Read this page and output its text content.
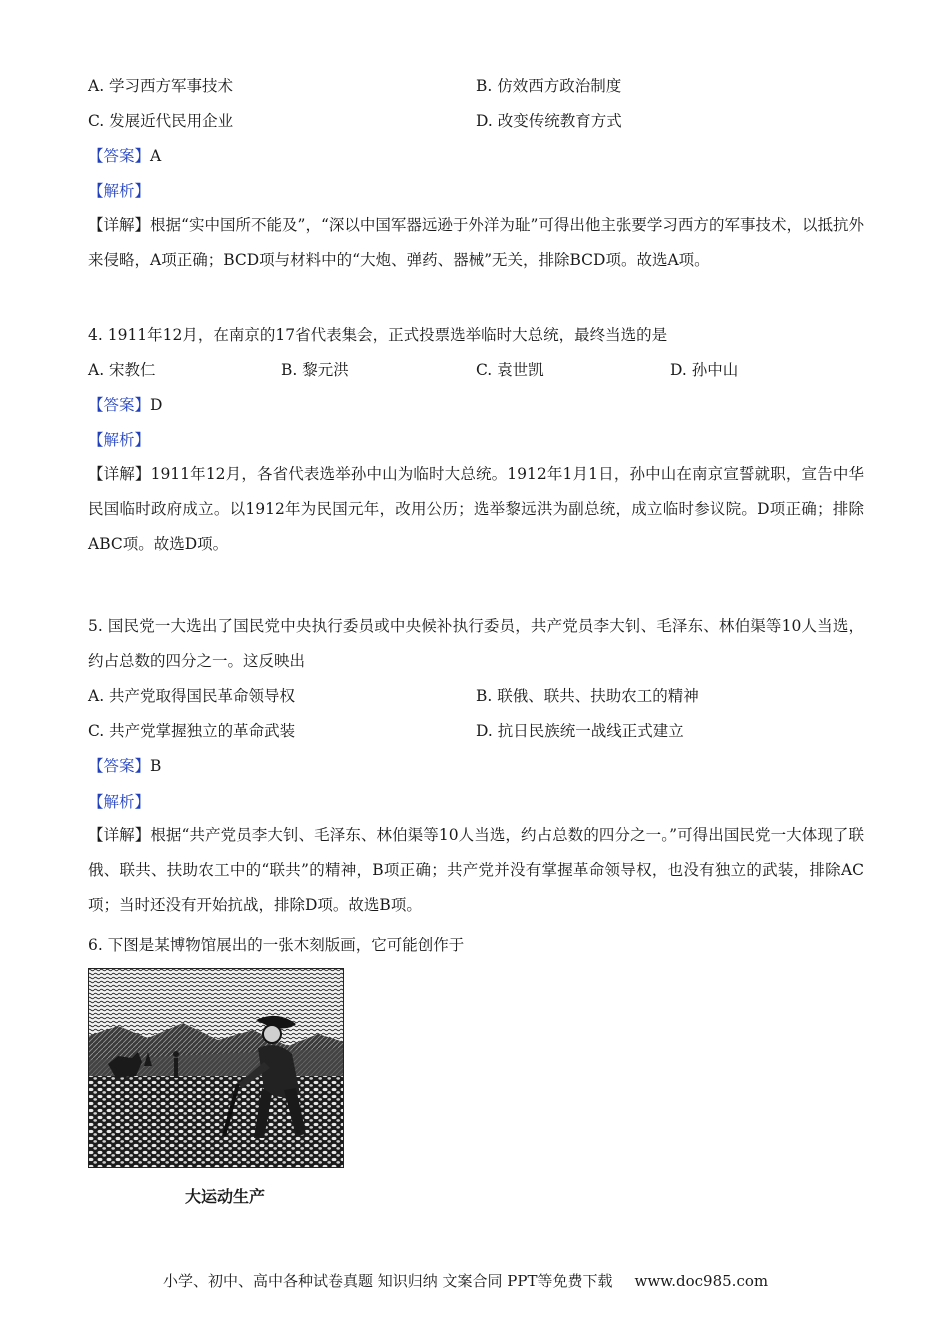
A. 学习西方军事技术	B. 仿效西方政治制度
C. 发展近代民用企业	D. 改变传统教育方式
【答案】A
【解析】
【详解】根据“实中国所不能及”，“深以中国军器远逊于外洋为耻”可得出他主张要学习西方的军事技术，以抵抗外来侵略，A项正确；BCD项与材料中的“大炮、弹药、器械”无关，排除BCD项。故选A项。
4. 1911年12月，在南京的17省代表集会，正式投票选举临时大总统，最终当选的是
A. 宋教仁	B. 黎元洪	C. 袁世凯	D. 孙中山
【答案】D
【解析】
【详解】1911年12月，各省代表选举孙中山为临时大总统。1912年1月1日，孙中山在南京宣誓就职，宣告中华民国临时政府成立。以1912年为民国元年，改用公历；选举黎远洪为副总统，成立临时参议院。D项正确；排除ABC项。故选D项。
5. 国民党一大选出了国民党中央执行委员或中央候补执行委员，共产党员李大钊、毛泽东、林伯渠等10人当选，约占总数的四分之一。这反映出
A. 共产党取得国民革命领导权	B. 联俄、联共、扶助农工的精神
C. 共产党掌握独立的革命武装	D. 抗日民族统一战线正式建立
【答案】B
【解析】
【详解】根据“共产党员李大钊、毛泽东、林伯渠等10人当选，约占总数的四分之一。”可得出国民党一大体现了联俄、联共、扶助农工中的“联共”的精神，B项正确；共产党并没有掌握革命领导权，也没有独立的武装，排除AC项；当时还没有开始抗战，排除D项。故选B项。
6. 下图是某博物馆展出的一张木刻版画，它可能创作于
大运动生产
小学、初中、高中各种试卷真题 知识归纳 文案合同 PPT等免费下载 www.doc985.com
